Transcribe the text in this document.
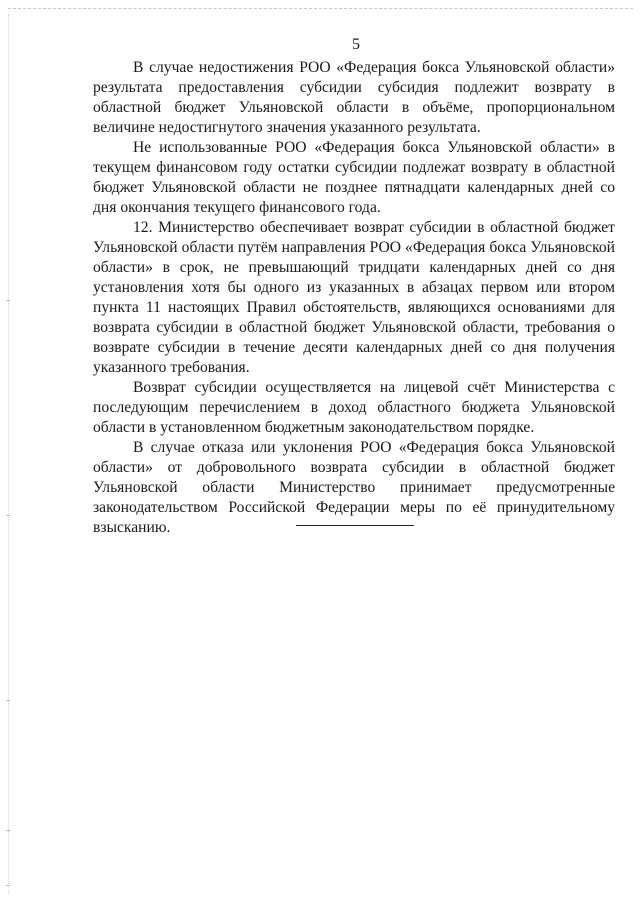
5

В случае недостижения РОО «Федерация бокса Ульяновской области» результата предоставления субсидии субсидия подлежит возврату в областной бюджет Ульяновской области в объёме, пропорциональном величине недостигнутого значения указанного результата.

Не использованные РОО «Федерация бокса Ульяновской области» в текущем финансовом году остатки субсидии подлежат возврату в областной бюджет Ульяновской области не позднее пятнадцати календарных дней со дня окончания текущего финансового года.

12. Министерство обеспечивает возврат субсидии в областной бюджет Ульяновской области путём направления РОО «Федерация бокса Ульяновской области» в срок, не превышающий тридцати календарных дней со дня установления хотя бы одного из указанных в абзацах первом или втором пункта 11 настоящих Правил обстоятельств, являющихся основаниями для возврата субсидии в областной бюджет Ульяновской области, требования о возврате субсидии в течение десяти календарных дней со дня получения указанного требования.

Возврат субсидии осуществляется на лицевой счёт Министерства с последующим перечислением в доход областного бюджета Ульяновской области в установленном бюджетным законодательством порядке.

В случае отказа или уклонения РОО «Федерация бокса Ульяновской области» от добровольного возврата субсидии в областной бюджет Ульяновской области Министерство принимает предусмотренные законодательством Российской Федерации меры по её принудительному взысканию.
